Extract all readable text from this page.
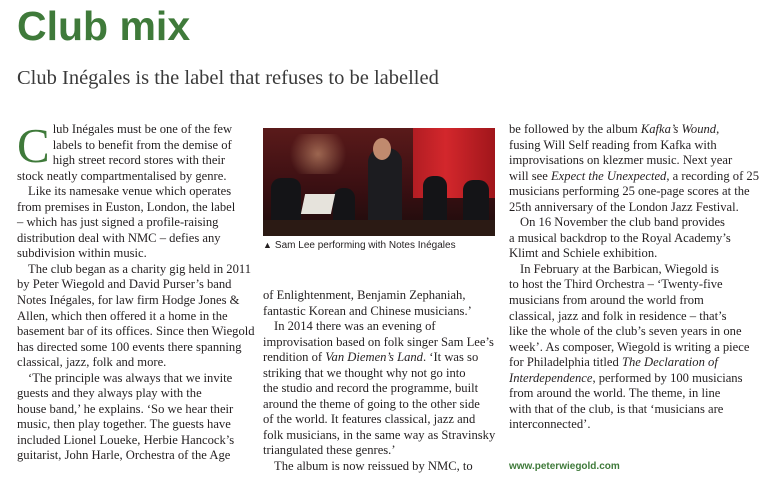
Club mix
Club Inégales is the label that refuses to be labelled
C lub Inégales must be one of the few
labels to benefit from the demise of
high street record stores with their
stock neatly compartmentalised by genre.
Like its namesake venue which operates
from premises in Euston, London, the label
– which has just signed a profile-raising
distribution deal with NMC – defies any
subdivision within music.
The club began as a charity gig held in 2011
by Peter Wiegold and David Purser’s band
Notes Inégales, for law firm Hodge Jones &
Allen, which then offered it a home in the
basement bar of its offices. Since then Wiegold
has directed some 100 events there spanning
classical, jazz, folk and more.
‘The principle was always that we invite
guests and they always play with the
house band,’ he explains. ‘So we hear their
music, then play together. The guests have
included Lionel Loueke, Herbie Hancock’s
guitarist, John Harle, Orchestra of the Age
▲ Sam Lee performing with Notes Inégales
of Enlightenment, Benjamin Zephaniah,
fantastic Korean and Chinese musicians.’
In 2014 there was an evening of
improvisation based on folk singer Sam Lee’s
rendition of Van Diemen’s Land. ‘It was so
striking that we thought why not go into
the studio and record the programme, built
around the theme of going to the other side
of the world. It features classical, jazz and
folk musicians, in the same way as Stravinsky
triangulated these genres.’
The album is now reissued by NMC, to
be followed by the album Kafka’s Wound,
fusing Will Self reading from Kafka with
improvisations on klezmer music. Next year
will see Expect the Unexpected, a recording of 25
musicians performing 25 one-page scores at the
25th anniversary of the London Jazz Festival.
On 16 November the club band provides
a musical backdrop to the Royal Academy’s
Klimt and Schiele exhibition.
In February at the Barbican, Wiegold is
to host the Third Orchestra – ‘Twenty-five
musicians from around the world from
classical, jazz and folk in residence – that’s
like the whole of the club’s seven years in one
week’. As composer, Wiegold is writing a piece
for Philadelphia titled The Declaration of
Interdependence, performed by 100 musicians
from around the world. The theme, in line
with that of the club, is that ‘musicians are
interconnected’.
www.peterwiegold.com
